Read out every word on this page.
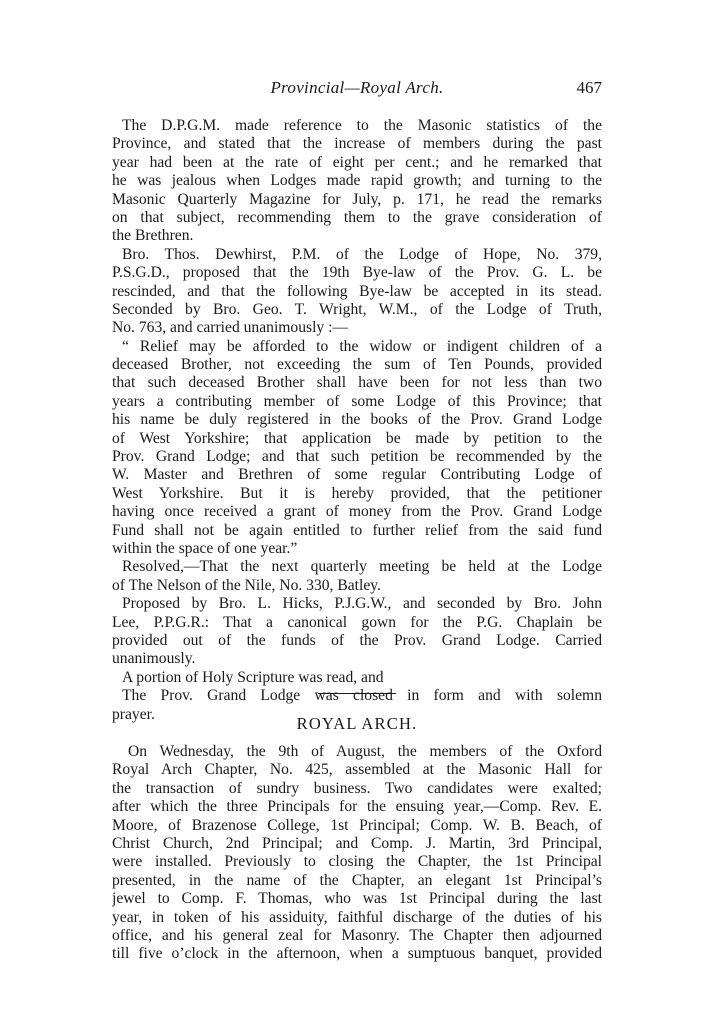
Provincial—Royal Arch.	467
The D.P.G.M. made reference to the Masonic statistics of the
Province, and stated that the increase of members during the past
year had been at the rate of eight per cent.; and he remarked that
he was jealous when Lodges made rapid growth; and turning to the
Masonic Quarterly Magazine for July, p. 171, he read the remarks
on that subject, recommending them to the grave consideration of
the Brethren.
Bro. Thos. Dewhirst, P.M. of the Lodge of Hope, No. 379,
P.S.G.D., proposed that the 19th Bye-law of the Prov. G. L. be
rescinded, and that the following Bye-law be accepted in its stead.
Seconded by Bro. Geo. T. Wright, W.M., of the Lodge of Truth,
No. 763, and carried unanimously :—
“ Relief may be afforded to the widow or indigent children of a
deceased Brother, not exceeding the sum of Ten Pounds, provided
that such deceased Brother shall have been for not less than two
years a contributing member of some Lodge of this Province; that
his name be duly registered in the books of the Prov. Grand Lodge
of West Yorkshire; that application be made by petition to the
Prov. Grand Lodge; and that such petition be recommended by the
W. Master and Brethren of some regular Contributing Lodge of
West Yorkshire. But it is hereby provided, that the petitioner
having once received a grant of money from the Prov. Grand Lodge
Fund shall not be again entitled to further relief from the said fund
within the space of one year.”
Resolved,—That the next quarterly meeting be held at the Lodge
of The Nelson of the Nile, No. 330, Batley.
Proposed by Bro. L. Hicks, P.J.G.W., and seconded by Bro. John
Lee, P.P.G.R.: That a canonical gown for the P.G. Chaplain be
provided out of the funds of the Prov. Grand Lodge. Carried
unanimously.
A portion of Holy Scripture was read, and
The Prov. Grand Lodge was closed in form and with solemn
prayer.	ROYAL ARCH.
On Wednesday, the 9th of August, the members of the Oxford
Royal Arch Chapter, No. 425, assembled at the Masonic Hall for
the transaction of sundry business. Two candidates were exalted;
after which the three Principals for the ensuing year,—Comp. Rev. E.
Moore, of Brazenose College, 1st Principal; Comp. W. B. Beach, of
Christ Church, 2nd Principal; and Comp. J. Martin, 3rd Principal,
were installed. Previously to closing the Chapter, the 1st Principal
presented, in the name of the Chapter, an elegant 1st Principal’s
jewel to Comp. F. Thomas, who was 1st Principal during the last
year, in token of his assiduity, faithful discharge of the duties of his
office, and his general zeal for Masonry. The Chapter then adjourned
till five o’clock in the afternoon, when a sumptuous banquet, provided
